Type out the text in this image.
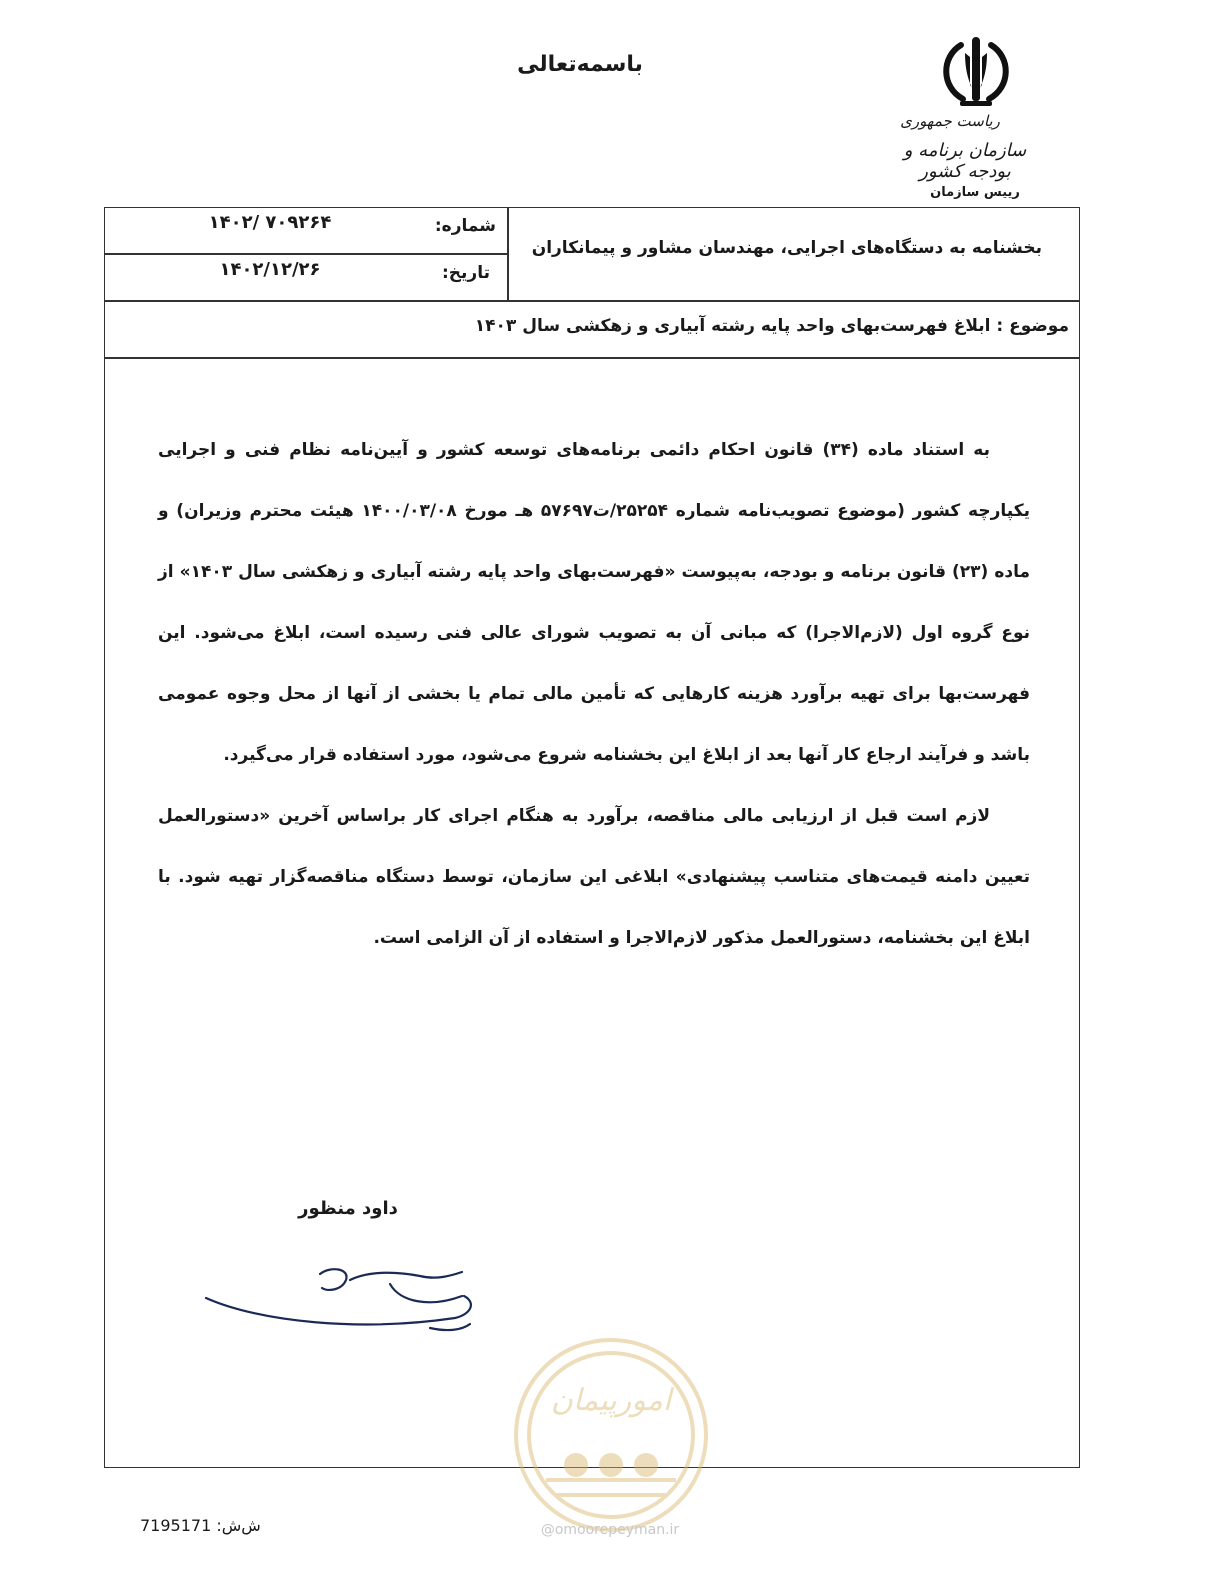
باسمه‌تعالی
ریاست جمهوری
سازمان برنامه و بودجه کشور
رییس سازمان
بخشنامه به دستگاه‌های اجرایی، مهندسان مشاور و پیمانکاران
شماره:
۱۴۰۲/ ۷۰۹۲۶۴
تاریخ:
۱۴۰۲/۱۲/۲۶
موضوع : ابلاغ فهرست‌بهای واحد پایه رشته آبیاری و زهکشی سال ۱۴۰۳

به استناد ماده (۳۴) قانون احکام دائمی برنامه‌های توسعه کشور و آیین‌نامه نظام فنی و اجرایی یکپارچه کشور (موضوع تصویب‌نامه شماره ۲۵۲۵۴/ت۵۷۶۹۷ هـ مورخ ۱۴۰۰/۰۳/۰۸ هیئت محترم وزیران) و ماده (۲۳) قانون برنامه و بودجه، به‌پیوست «فهرست‌بهای واحد پایه رشته آبیاری و زهکشی سال ۱۴۰۳» از نوع گروه اول (لازم‌الاجرا) که مبانی آن به تصویب شورای عالی فنی رسیده است، ابلاغ می‌شود. این فهرست‌بها برای تهیه برآورد هزینه کارهایی که تأمین مالی تمام یا بخشی از آنها از محل وجوه عمومی باشد و فرآیند ارجاع کار آنها بعد از ابلاغ این بخشنامه شروع می‌شود، مورد استفاده قرار می‌گیرد.

لازم است قبل از ارزیابی مالی مناقصه، برآورد به هنگام اجرای کار براساس آخرین «دستورالعمل تعیین دامنه قیمت‌های متناسب پیشنهادی» ابلاغی این سازمان، توسط دستگاه مناقصه‌گزار تهیه شود. با ابلاغ این بخشنامه، دستورالعمل مذکور لازم‌الاجرا و استفاده از آن الزامی است.

داود منظور
امورپیمان
@omoorepeyman.ir
ش‌ش: 7195171
